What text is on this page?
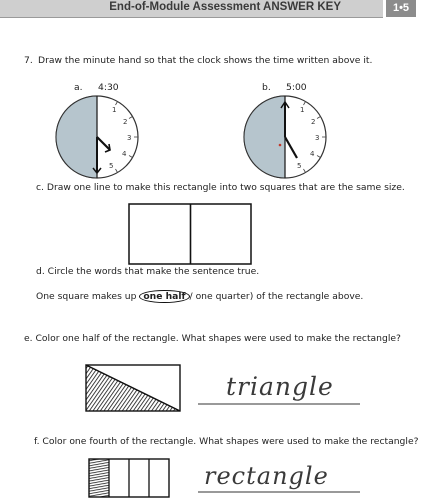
End-of-Module Assessment ANSWER KEY	1•5
7. Draw the minute hand so that the clock shows the time written above it.
a. 4:30	b. 5:00
1
2
3
4
5
1
2
3
4
5
c. Draw one line to make this rectangle into two squares that are the same size.
d. Circle the words that make the sentence true.
One square makes up one half / one quarter) of the rectangle above.
e. Color one half of the rectangle. What shapes were used to make the rectangle?
triangle
f. Color one fourth of the rectangle. What shapes were used to make the rectangle?
rectangle
